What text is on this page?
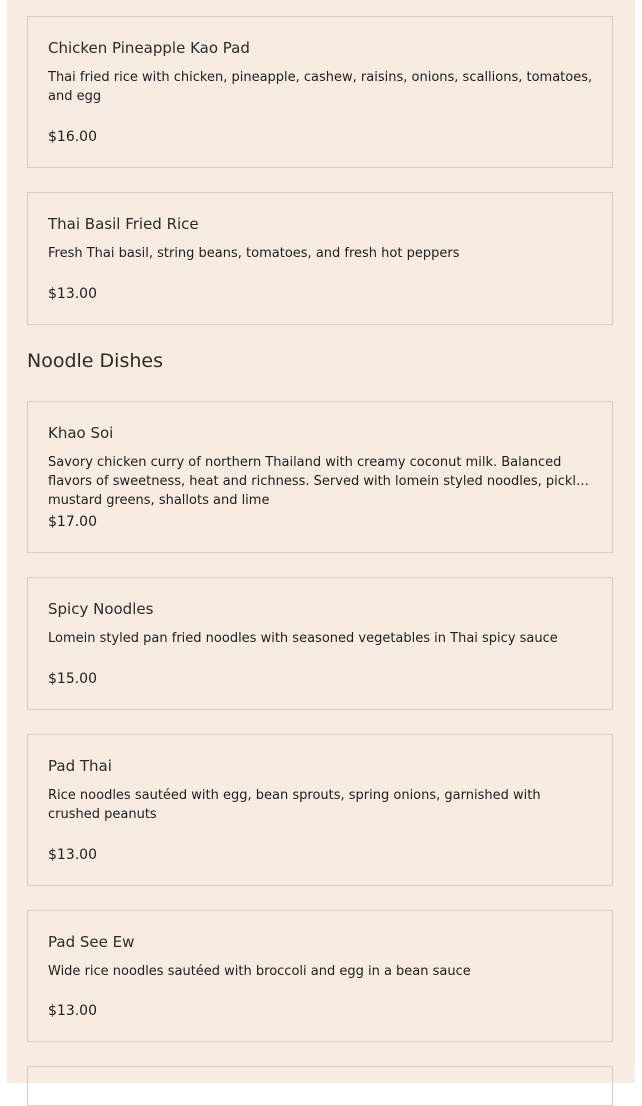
Chicken Pineapple Kao Pad
Thai fried rice with chicken, pineapple, cashew, raisins, onions, scallions, tomatoes, and egg
$16.00
Thai Basil Fried Rice
Fresh Thai basil, string beans, tomatoes, and fresh hot peppers
$13.00
Noodle Dishes
Khao Soi
Savory chicken curry of northern Thailand with creamy coconut milk. Balanced flavors of sweetness, heat and richness. Served with lomein styled noodles, pickled mustard greens, shallots and lime
$17.00
Spicy Noodles
Lomein styled pan fried noodles with seasoned vegetables in Thai spicy sauce
$15.00
Pad Thai
Rice noodles sautéed with egg, bean sprouts, spring onions, garnished with crushed peanuts
$13.00
Pad See Ew
Wide rice noodles sautéed with broccoli and egg in a bean sauce
$13.00
